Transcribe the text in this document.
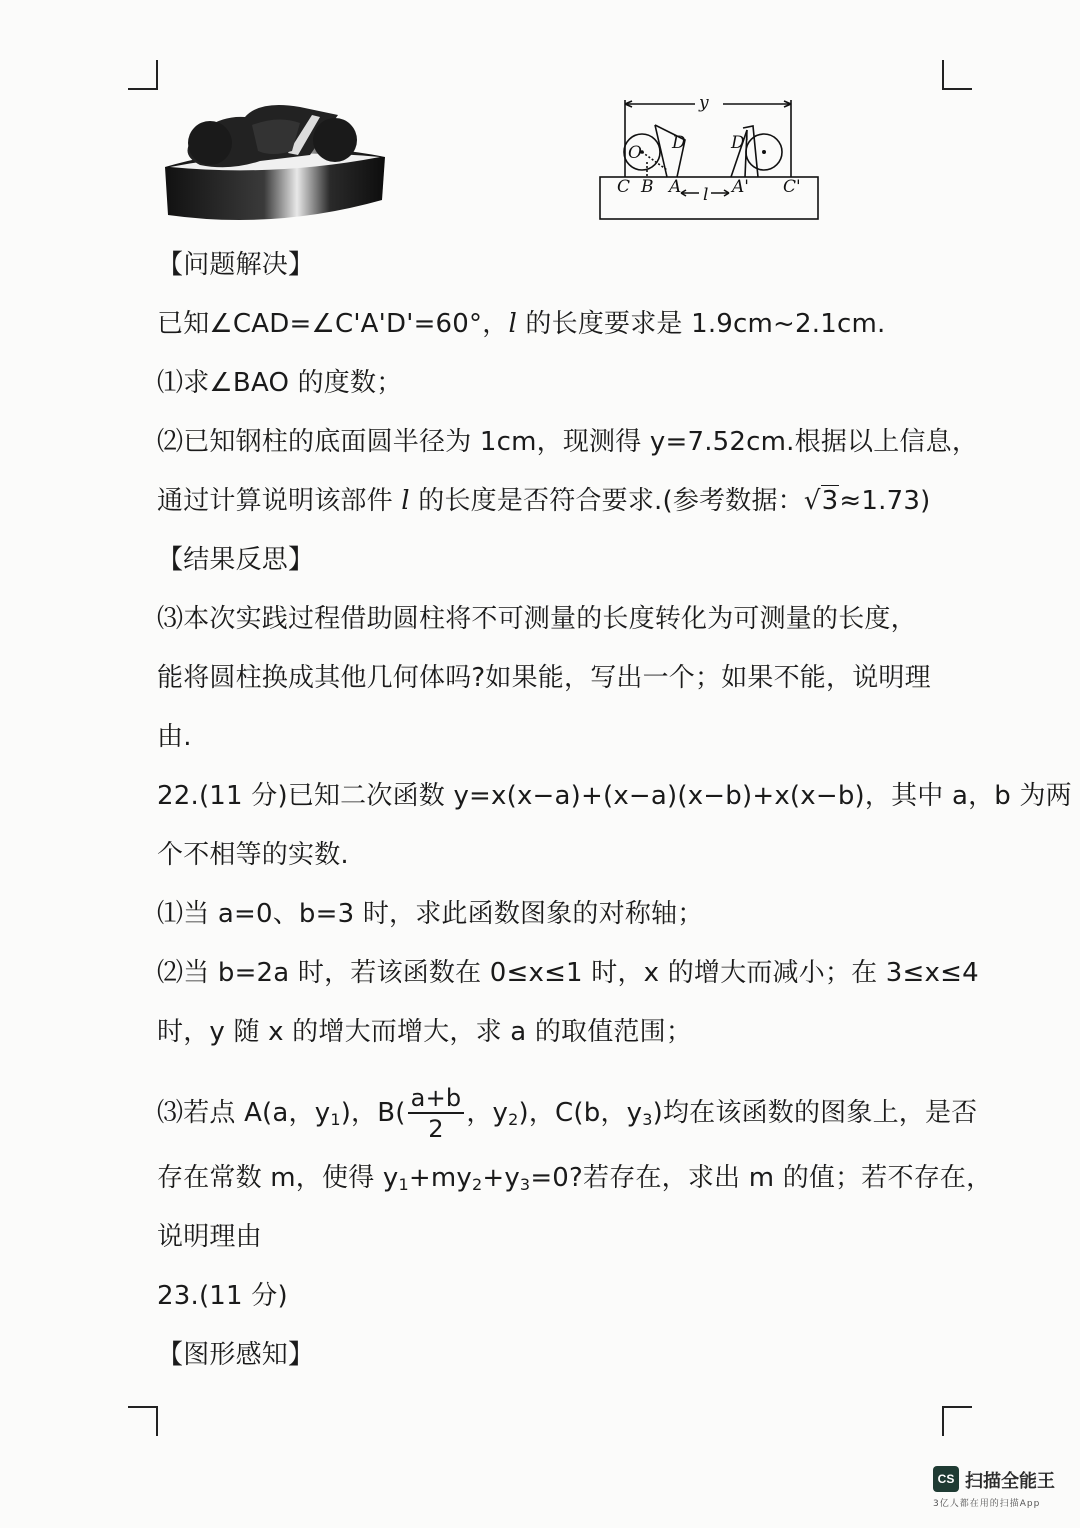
y
D	D'
O
C B A l A' C'
【问题解决】
已知∠CAD=∠C'A'D'=60°，l 的长度要求是 1.9cm~2.1cm.
⑴求∠BAO 的度数；
⑵已知钢柱的底面圆半径为 1cm，现测得 y=7.52cm.根据以上信息，
通过计算说明该部件 l 的长度是否符合要求.(参考数据：√3≈1.73)
【结果反思】
⑶本次实践过程借助圆柱将不可测量的长度转化为可测量的长度，
能将圆柱换成其他几何体吗?如果能，写出一个；如果不能，说明理
由.
22.(11 分)已知二次函数 y=x(x−a)+(x−a)(x−b)+x(x−b)，其中 a，b 为两
个不相等的实数.
⑴当 a=0、b=3 时，求此函数图象的对称轴；
⑵当 b=2a 时，若该函数在 0≤x≤1 时，x 的增大而减小；在 3≤x≤4
时，y 随 x 的增大而增大，求 a 的取值范围；
⑶若点 A(a，$y_1$)，$B( \frac{a+b}{2}$ ，$y_2$)，C(b，$y_3$)均在该函数的图象上，是否
存在常数 m，使得 $y_1+my_2+y_3=0$?若存在，求出 m 的值；若不存在，
说明理由
23.(11 分)
【图形感知】
CS 扫描全能王
3亿人都在用的扫描App
